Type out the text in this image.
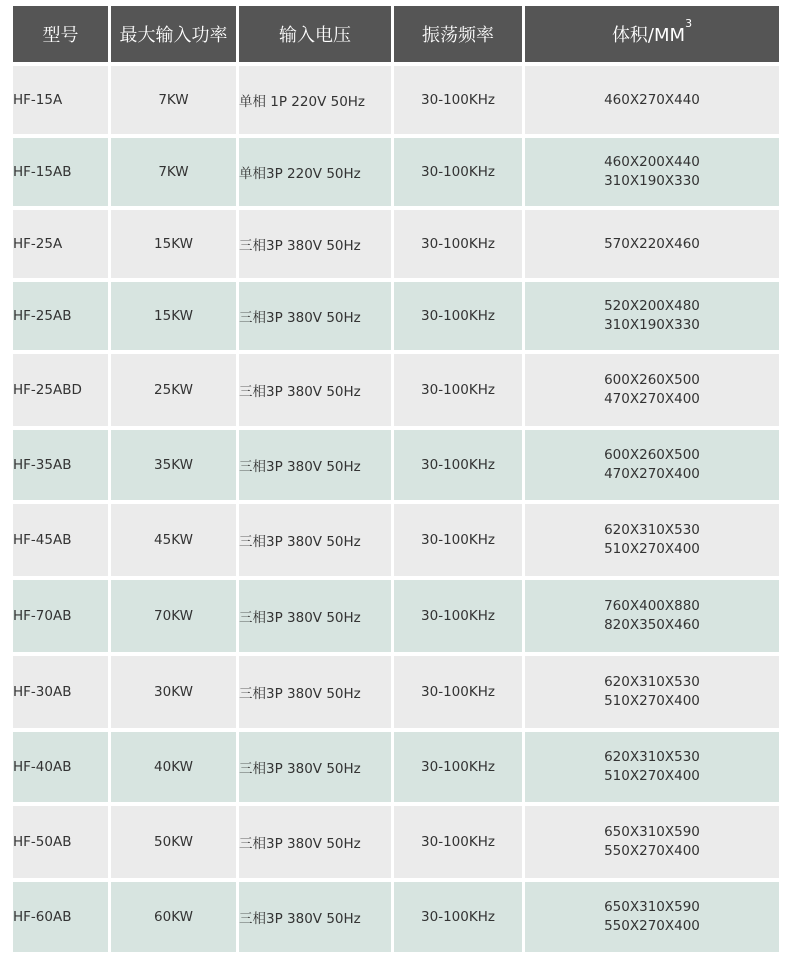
型号	最大输入功率	输入电压	振荡频率	体积$/MM^3$
HF-15A	7KW	单相 1P 220V 50Hz	30-100KHz	460X270X440

HF-15AB	7KW	单相3P 220V 50Hz	30-100KHz	460X200X440
310X190X330

HF-25A	15KW	三相3P 380V 50Hz	30-100KHz	570X220X460

HF-25AB	15KW	三相3P 380V 50Hz	30-100KHz	520X200X480
310X190X330

HF-25ABD	25KW	三相3P 380V 50Hz	30-100KHz	600X260X500
470X270X400

HF-35AB	35KW	三相3P 380V 50Hz	30-100KHz	600X260X500
470X270X400

HF-45AB	45KW	三相3P 380V 50Hz	30-100KHz	620X310X530
510X270X400

HF-70AB	70KW	三相3P 380V 50Hz	30-100KHz	760X400X880
820X350X460

HF-30AB	30KW	三相3P 380V 50Hz	30-100KHz	620X310X530
510X270X400

HF-40AB	40KW	三相3P 380V 50Hz	30-100KHz	620X310X530
510X270X400

HF-50AB	50KW	三相3P 380V 50Hz	30-100KHz	650X310X590
550X270X400

HF-60AB	60KW	三相3P 380V 50Hz	30-100KHz	650X310X590
550X270X400
